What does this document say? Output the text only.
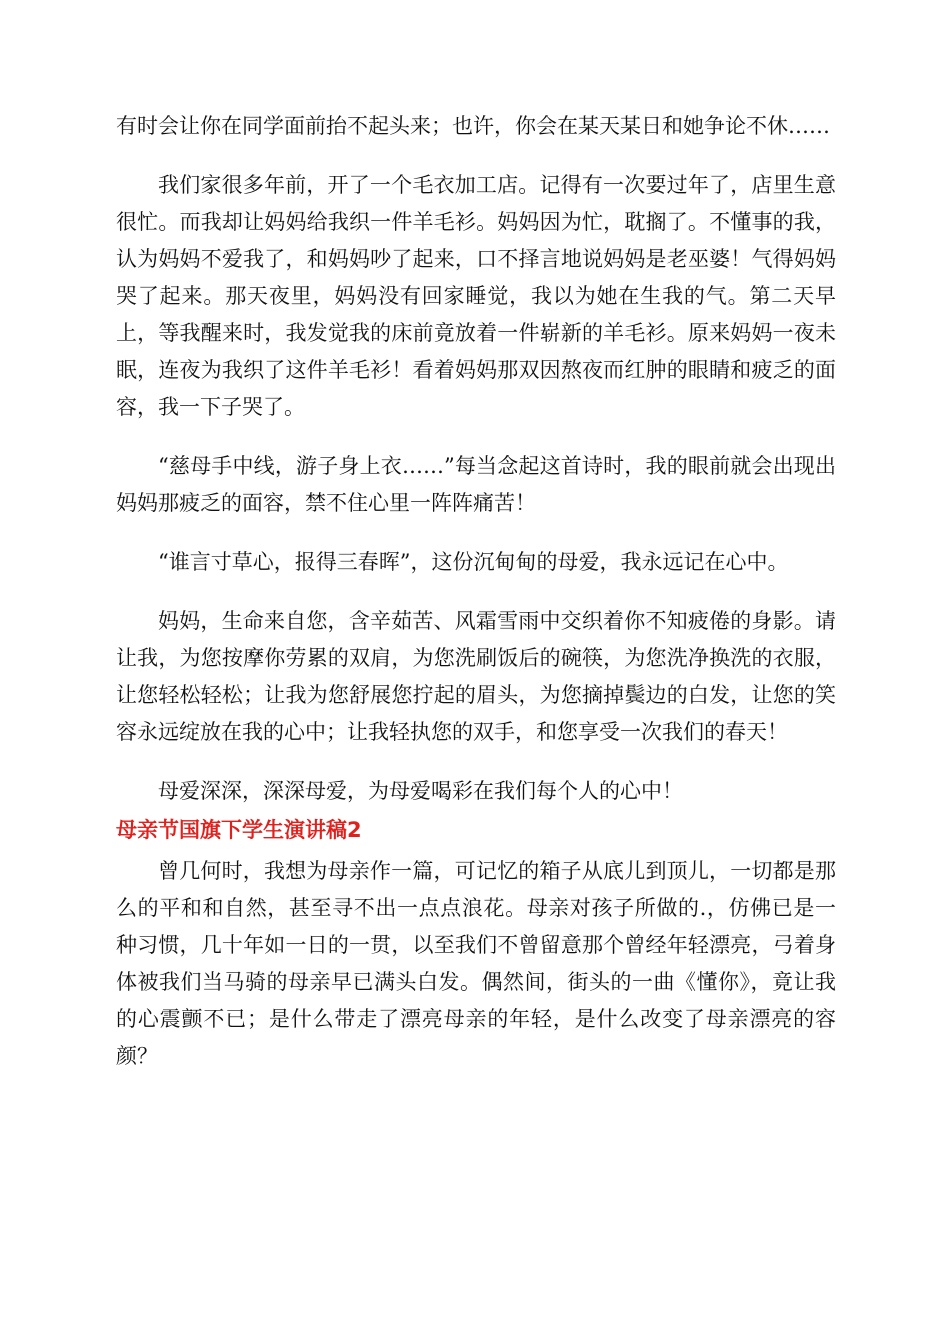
有时会让你在同学面前抬不起头来；也许，你会在某天某日和她争论不休……

我们家很多年前，开了一个毛衣加工店。记得有一次要过年了，店里生意很忙。而我却让妈妈给我织一件羊毛衫。妈妈因为忙，耽搁了。不懂事的我，认为妈妈不爱我了，和妈妈吵了起来，口不择言地说妈妈是老巫婆！气得妈妈哭了起来。那天夜里，妈妈没有回家睡觉，我以为她在生我的气。第二天早上，等我醒来时，我发觉我的床前竟放着一件崭新的羊毛衫。原来妈妈一夜未眠，连夜为我织了这件羊毛衫！看着妈妈那双因熬夜而红肿的眼睛和疲乏的面容，我一下子哭了。

“慈母手中线，游子身上衣……”每当念起这首诗时，我的眼前就会出现出妈妈那疲乏的面容，禁不住心里一阵阵痛苦！

“谁言寸草心，报得三春晖”，这份沉甸甸的母爱，我永远记在心中。

妈妈，生命来自您，含辛茹苦、风霜雪雨中交织着你不知疲倦的身影。请让我，为您按摩你劳累的双肩，为您洗刷饭后的碗筷，为您洗净换洗的衣服，让您轻松轻松；让我为您舒展您拧起的眉头，为您摘掉鬓边的白发，让您的笑容永远绽放在我的心中；让我轻执您的双手，和您享受一次我们的春天！

母爱深深，深深母爱，为母爱喝彩在我们每个人的心中！

母亲节国旗下学生演讲稿2

曾几何时，我想为母亲作一篇，可记忆的箱子从底儿到顶儿，一切都是那么的平和和自然，甚至寻不出一点点浪花。母亲对孩子所做的.，仿佛已是一种习惯，几十年如一日的一贯，以至我们不曾留意那个曾经年轻漂亮，弓着身体被我们当马骑的母亲早已满头白发。偶然间，街头的一曲《懂你》，竟让我的心震颤不已；是什么带走了漂亮母亲的年轻，是什么改变了母亲漂亮的容颜？
